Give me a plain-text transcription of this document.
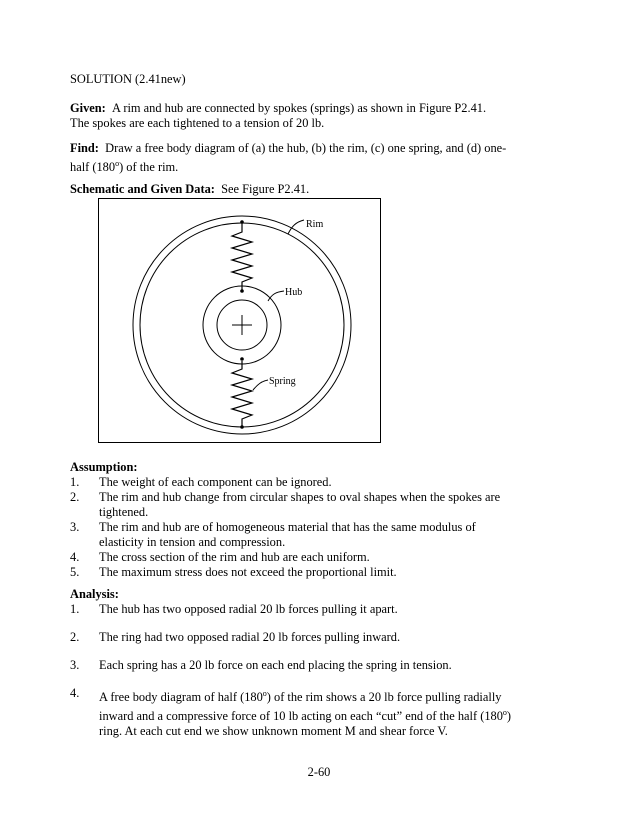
SOLUTION (2.41new)
Given: A rim and hub are connected by spokes (springs) as shown in Figure P2.41.
The spokes are each tightened to a tension of 20 lb.
Find: Draw a free body diagram of (a) the hub, (b) the rim, (c) one spring, and (d) one-
half (180$^o$) of the rim.
Schematic and Given Data: See Figure P2.41.
Rim
Hub
Spring
Assumption:
1. The weight of each component can be ignored.
2. The rim and hub change from circular shapes to oval shapes when the spokes are
tightened.
3. The rim and hub are of homogeneous material that has the same modulus of
elasticity in tension and compression.
4. The cross section of the rim and hub are each uniform.
5. The maximum stress does not exceed the proportional limit.
Analysis:
1. The hub has two opposed radial 20 lb forces pulling it apart.
2. The ring had two opposed radial 20 lb forces pulling inward.
3. Each spring has a 20 lb force on each end placing the spring in tension.
4. A free body diagram of half (180$^o$) of the rim shows a 20 lb force pulling radially
inward and a compressive force of 10 lb acting on each “cut” end of the half (180$^o$)
ring. At each cut end we show unknown moment M and shear force V.
2-60
